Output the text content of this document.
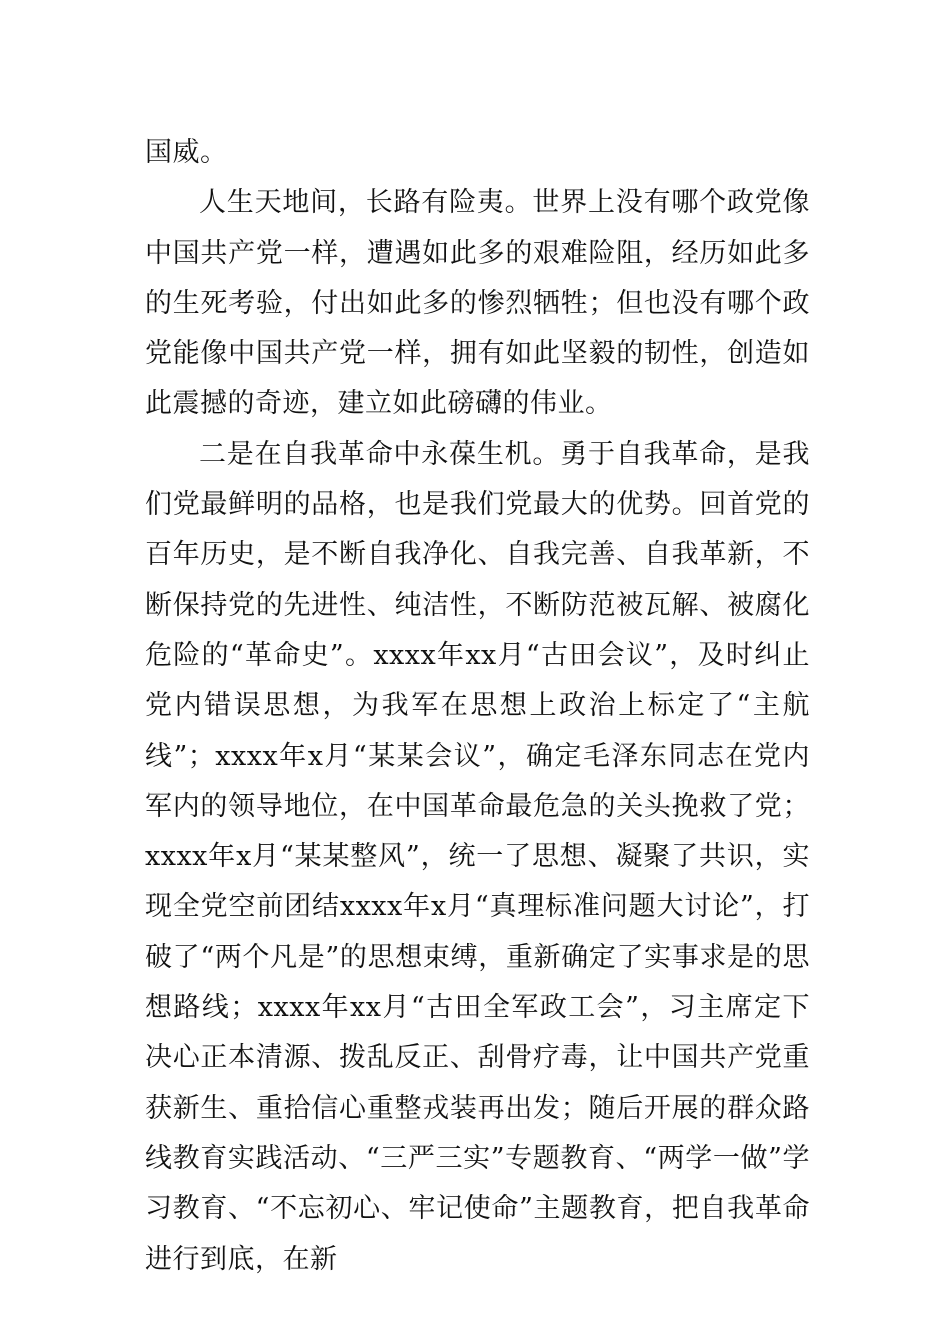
国威。

人生天地间，长路有险夷。世界上没有哪个政党像中国共产党一样，遭遇如此多的艰难险阻，经历如此多的生死考验，付出如此多的惨烈牺牲；但也没有哪个政党能像中国共产党一样，拥有如此坚毅的韧性，创造如此震撼的奇迹，建立如此磅礴的伟业。

二是在自我革命中永葆生机。勇于自我革命，是我们党最鲜明的品格，也是我们党最大的优势。回首党的百年历史，是不断自我净化、自我完善、自我革新，不断保持党的先进性、纯洁性，不断防范被瓦解、被腐化危险的“革命史”。xxxx年xx月“古田会议”，及时纠止党内错误思想，为我军在思想上政治上标定了“主航线”；xxxx年x月“某某会议”，确定毛泽东同志在党内军内的领导地位，在中国革命最危急的关头挽救了党；xxxx年x月“某某整风”，统一了思想、凝聚了共识，实现全党空前团结xxxx年x月“真理标准问题大讨论”，打破了“两个凡是”的思想束缚，重新确定了实事求是的思想路线；xxxx年xx月“古田全军政工会”，习主席定下决心正本清源、拨乱反正、刮骨疗毒，让中国共产党重获新生、重拾信心重整戎装再出发；随后开展的群众路线教育实践活动、“三严三实”专题教育、“两学一做”学习教育、“不忘初心、牢记使命”主题教育，把自我革命进行到底，在新
